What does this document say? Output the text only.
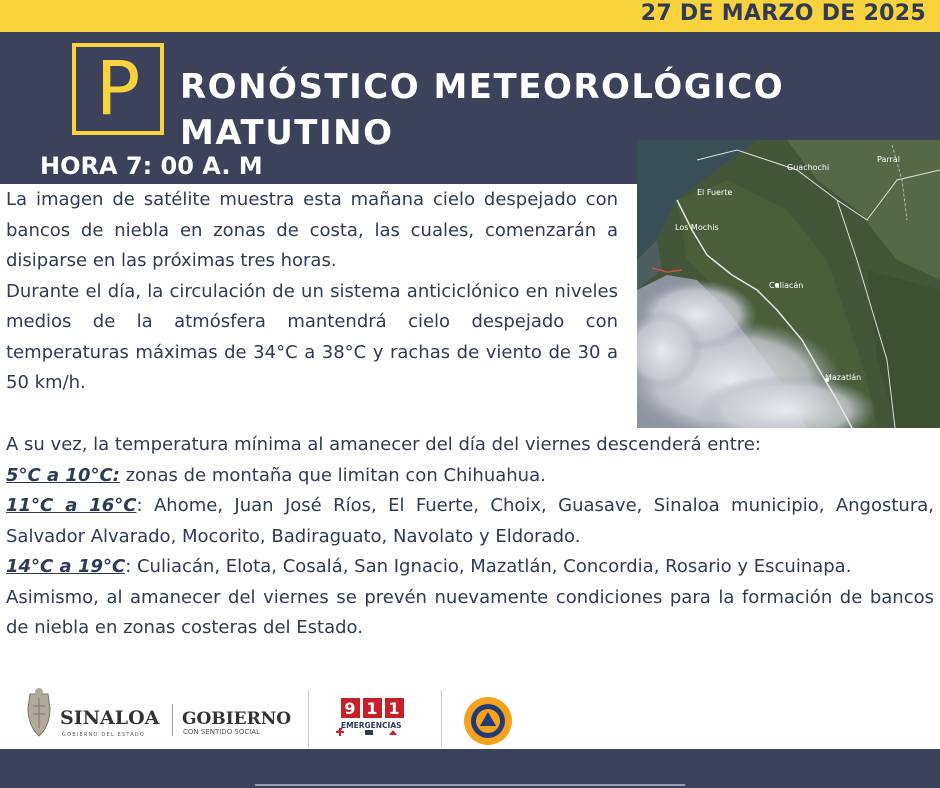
27 DE MARZO DE 2025
P	RONÓSTICO METEOROLÓGICO
MATUTINO
HORA 7: 00 A. M	Parral
Guachochi
El Fuerte
Los Mochis
Culiacán
Mazatlán
La imagen de satélite muestra esta mañana cielo despejado con bancos de niebla en zonas de costa, las cuales, comenzarán a disiparse en las próximas tres horas.
Durante el día, la circulación de un sistema anticiclónico en niveles medios de la atmósfera mantendrá cielo despejado con temperaturas máximas de 34°C a 38°C y rachas de viento de 30 a 50 km/h.
A su vez, la temperatura mínima al amanecer del día del viernes descenderá entre:
5°C a 10°C: zonas de montaña que limitan con Chihuahua.
11°C a 16°C: Ahome, Juan José Ríos, El Fuerte, Choix, Guasave, Sinaloa municipio, Angostura, Salvador Alvarado, Mocorito, Badiraguato, Navolato y Eldorado.
14°C a 19°C: Culiacán, Elota, Cosalá, San Ignacio, Mazatlán, Concordia, Rosario y Escuinapa.
Asimismo, al amanecer del viernes se prevén nuevamente condiciones para la formación de bancos de niebla en zonas costeras del Estado.
SINALOA
GOBIERNO DEL ESTADO
GOBIERNO
CON SENTIDO SOCIAL
9 1 1
EMERGENCIAS
